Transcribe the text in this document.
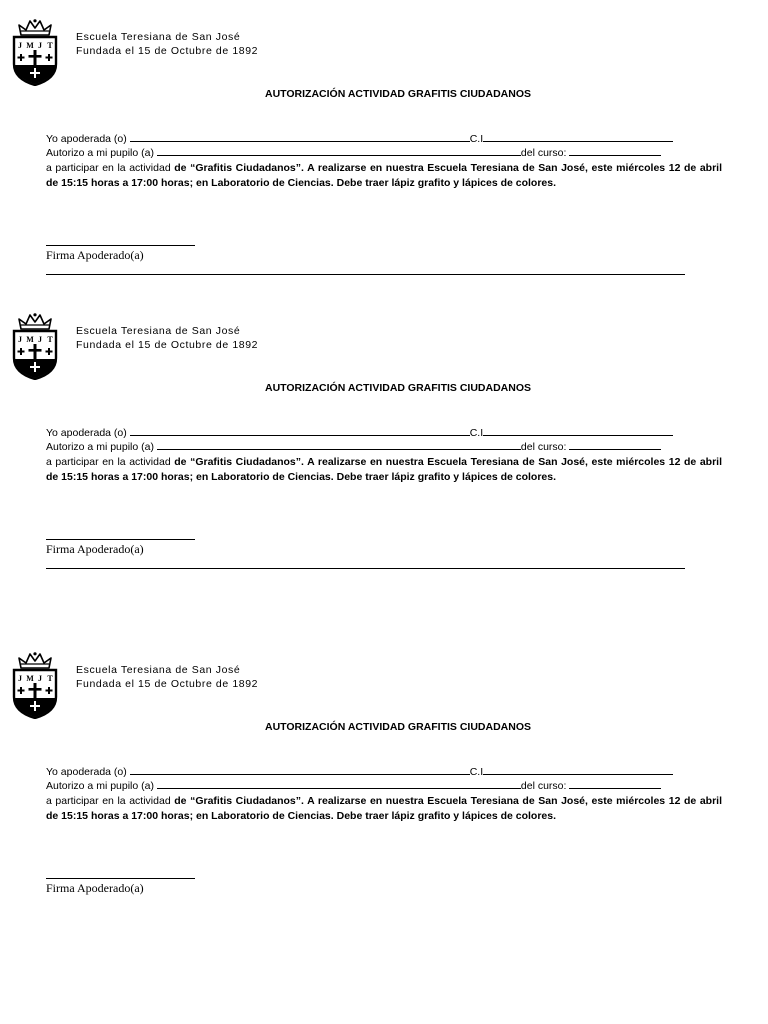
J M J T
Escuela Teresiana de San José
Fundada el 15 de Octubre de 1892
AUTORIZACIÓN ACTIVIDAD GRAFITIS CIUDADANOS
Yo apoderada (o)	C.I
Autorizo a mi pupilo (a)	del curso:
a participar en la actividad de “Grafitis Ciudadanos”. A realizarse en nuestra Escuela Teresiana de San José, este miércoles 12 de abril de 15:15 horas a 17:00 horas; en Laboratorio de Ciencias. Debe traer lápiz grafito y lápices de colores.
Firma Apoderado(a)
J M J T
Escuela Teresiana de San José
Fundada el 15 de Octubre de 1892
AUTORIZACIÓN ACTIVIDAD GRAFITIS CIUDADANOS
Yo apoderada (o)	C.I
Autorizo a mi pupilo (a)	del curso:
a participar en la actividad de “Grafitis Ciudadanos”. A realizarse en nuestra Escuela Teresiana de San José, este miércoles 12 de abril de 15:15 horas a 17:00 horas; en Laboratorio de Ciencias. Debe traer lápiz grafito y lápices de colores.
Firma Apoderado(a)
J M J T
Escuela Teresiana de San José
Fundada el 15 de Octubre de 1892
AUTORIZACIÓN ACTIVIDAD GRAFITIS CIUDADANOS
Yo apoderada (o)	C.I
Autorizo a mi pupilo (a)	del curso:
a participar en la actividad de “Grafitis Ciudadanos”. A realizarse en nuestra Escuela Teresiana de San José, este miércoles 12 de abril de 15:15 horas a 17:00 horas; en Laboratorio de Ciencias. Debe traer lápiz grafito y lápices de colores.
Firma Apoderado(a)
